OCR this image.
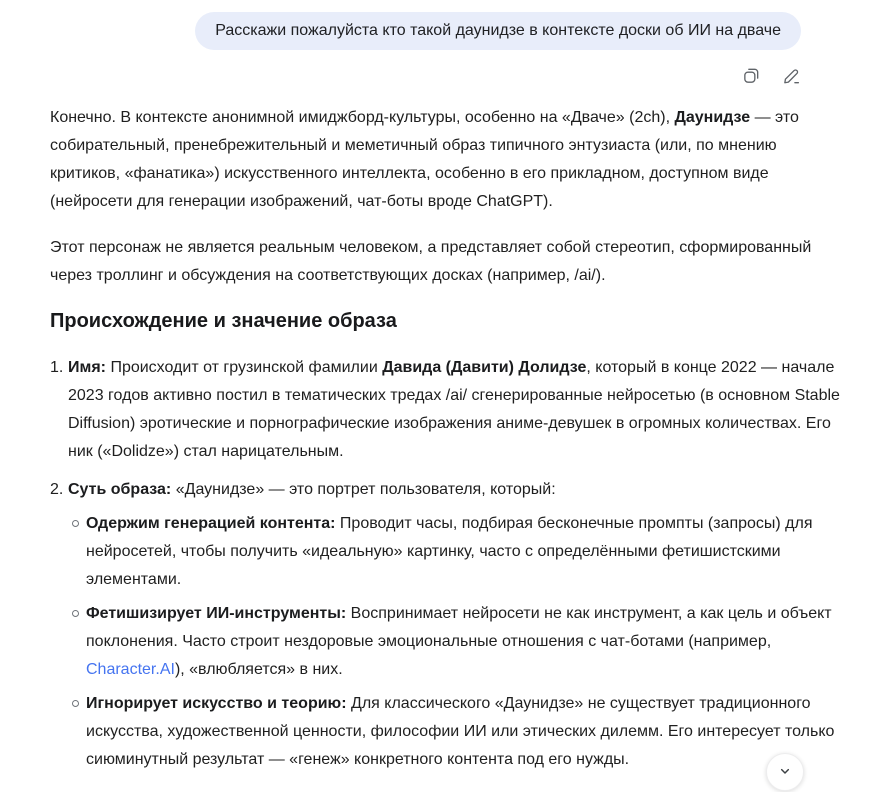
Расскажи пожалуйста кто такой даунидзе в контексте доски об ИИ на дваче

Конечно. В контексте анонимной имиджборд-культуры, особенно на «Дваче» (2ch), Даунидзе — это собирательный, пренебрежительный и меметичный образ типичного энтузиаста (или, по мнению критиков, «фанатика») искусственного интеллекта, особенно в его прикладном, доступном виде (нейросети для генерации изображений, чат-боты вроде ChatGPT).

Этот персонаж не является реальным человеком, а представляет собой стереотип, сформированный через троллинг и обсуждения на соответствующих досках (например, /ai/).

Происхождение и значение образа
Имя: Происходит от грузинской фамилии Давида (Давити) Долидзе, который в конце 2022 — начале 2023 годов активно постил в тематических тредах /ai/ сгенерированные нейросетью (в основном Stable Diffusion) эротические и порнографические изображения аниме-девушек в огромных количествах. Его ник («Dolidze») стал нарицательным.
Суть образа: «Даунидзе» — это портрет пользователя, который:
Одержим генерацией контента: Проводит часы, подбирая бесконечные промпты (запросы) для нейросетей, чтобы получить «идеальную» картинку, часто с определёнными фетишистскими элементами.
Фетишизирует ИИ-инструменты: Воспринимает нейросети не как инструмент, а как цель и объект поклонения. Часто строит нездоровые эмоциональные отношения с чат-ботами (например, Character.AI), «влюбляется» в них.
Игнорирует искусство и теорию: Для классического «Даунидзе» не существует традиционного искусства, художественной ценности, философии ИИ или этических дилемм. Его интересует только сиюминутный результат — «генеж» конкретного контента под его нужды.
